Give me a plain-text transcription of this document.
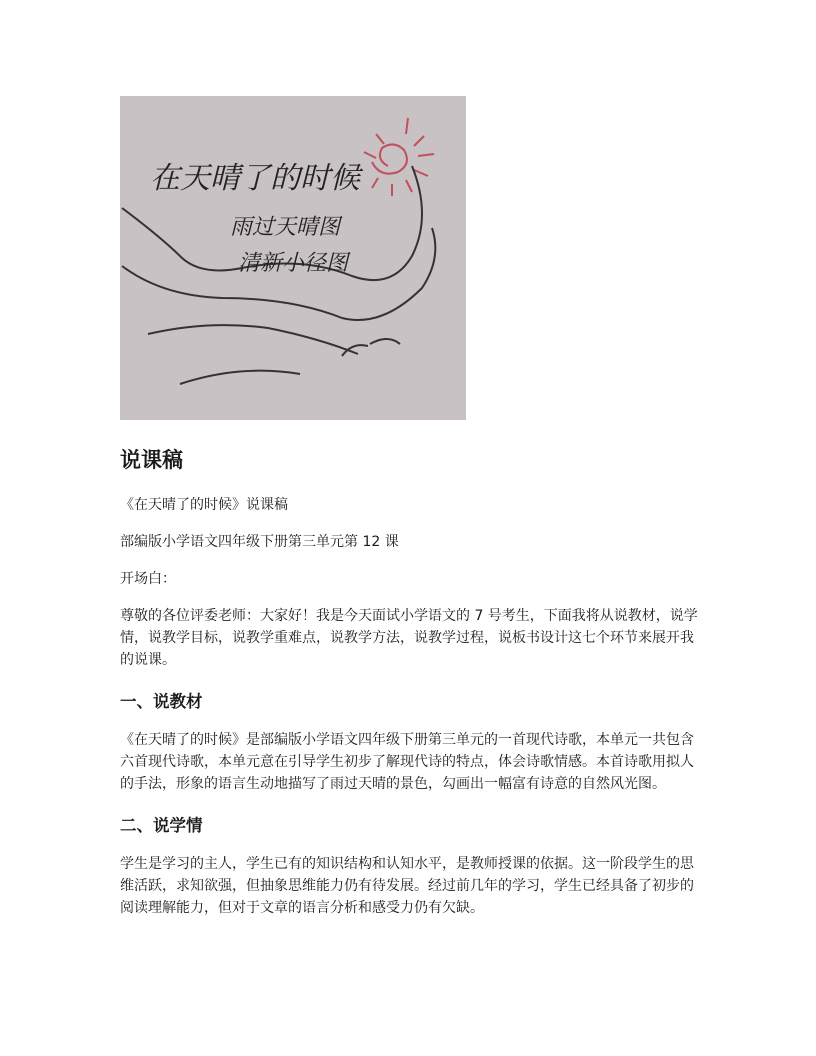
在天晴了的时候
雨过天晴图
清新小径图
说课稿

《在天晴了的时候》说课稿

部编版小学语文四年级下册第三单元第 12 课

开场白：

尊敬的各位评委老师：大家好！我是今天面试小学语文的 7 号考生，下面我将从说教材，说学情，说教学目标，说教学重难点，说教学方法，说教学过程，说板书设计这七个环节来展开我的说课。

一、说教材

《在天晴了的时候》是部编版小学语文四年级下册第三单元的一首现代诗歌，本单元一共包含六首现代诗歌，本单元意在引导学生初步了解现代诗的特点，体会诗歌情感。本首诗歌用拟人的手法，形象的语言生动地描写了雨过天晴的景色，勾画出一幅富有诗意的自然风光图。

二、说学情

学生是学习的主人，学生已有的知识结构和认知水平，是教师授课的依据。这一阶段学生的思维活跃，求知欲强，但抽象思维能力仍有待发展。经过前几年的学习，学生已经具备了初步的阅读理解能力，但对于文章的语言分析和感受力仍有欠缺。
